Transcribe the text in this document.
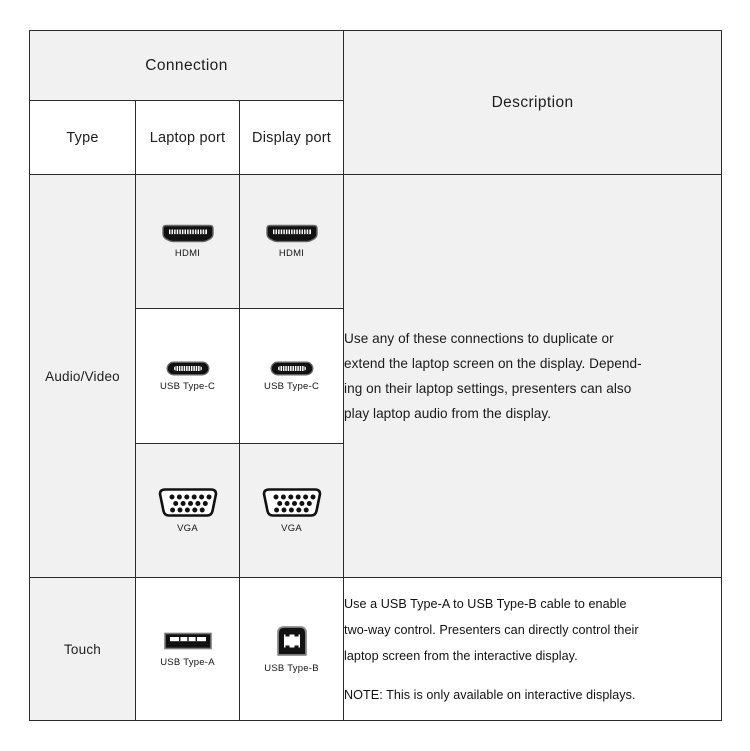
Connection			Description
Type	Laptop port	Display port	
Audio/Video	HDMI	HDMI	Use any of these connections to duplicate or
extend the laptop screen on the display. Depend-
ing on their laptop settings, presenters can also
play laptop audio from the display.

	USB Type-C	USB Type-C	

	VGA	VGA	

Touch	USB Type-A	USB Type-B	Use a USB Type-A to USB Type-B cable to enable
two-way control. Presenters can directly control their
laptop screen from the interactive display.
NOTE: This is only available on interactive displays.
